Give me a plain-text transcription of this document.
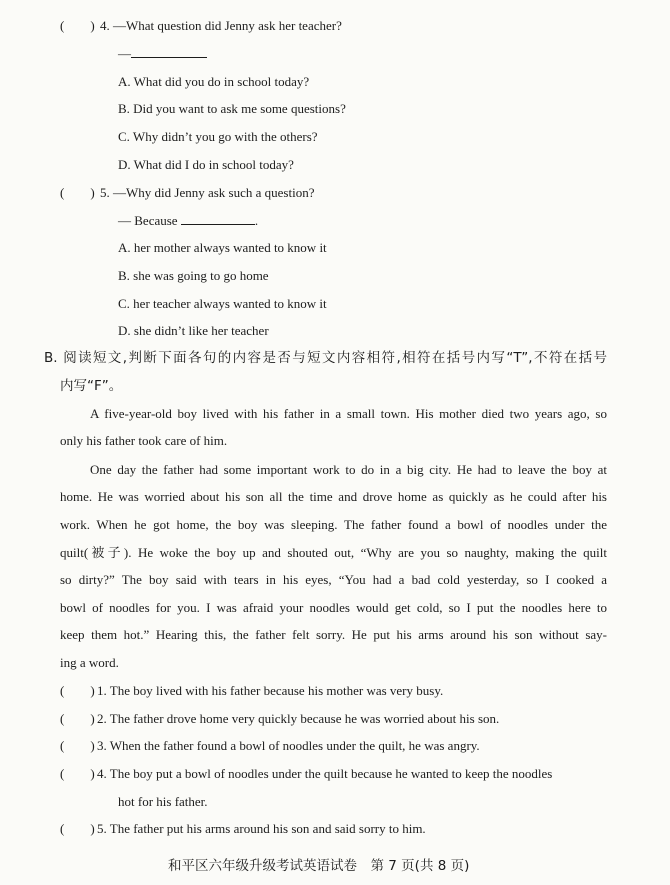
(        ) 4. —What question did Jenny ask her teacher?
—
A. What did you do in school today?
B. Did you want to ask me some questions?
C. Why didn’t you go with the others?
D. What did I do in school today?
(        ) 5. —Why did Jenny ask such a question?
— Because	.
A. her mother always wanted to know it
B. she was going to go home
C. her teacher always wanted to know it
D. she didn’t like her teacher
B. 阅读短文,判断下面各句的内容是否与短文内容相符,相符在括号内写“T”,不符在括号
内写“F”。
A five-year-old boy lived with his father in a small town. His mother died two years ago, so
only his father took care of him.
One day the father had some important work to do in a big city. He had to leave the boy at
home. He was worried about his son all the time and drove home as quickly as he could after his
work. When he got home, the boy was sleeping. The father found a bowl of noodles under the
quilt(被子). He woke the boy up and shouted out, “Why are you so naughty, making the quilt
so dirty?” The boy said with tears in his eyes, “You had a bad cold yesterday, so I cooked a
bowl of noodles for you. I was afraid your noodles would get cold, so I put the noodles here to
keep them hot.” Hearing this, the father felt sorry. He put his arms around his son without say-
ing a word.
(        ) 1. The boy lived with his father because his mother was very busy.
(        ) 2. The father drove home very quickly because he was worried about his son.
(        ) 3. When the father found a bowl of noodles under the quilt, he was angry.
(        ) 4. The boy put a bowl of noodles under the quilt because he wanted to keep the noodles
hot for his father.
(        ) 5. The father put his arms around his son and said sorry to him.
和平区六年级升级考试英语试卷　第 7 页(共 8 页)
